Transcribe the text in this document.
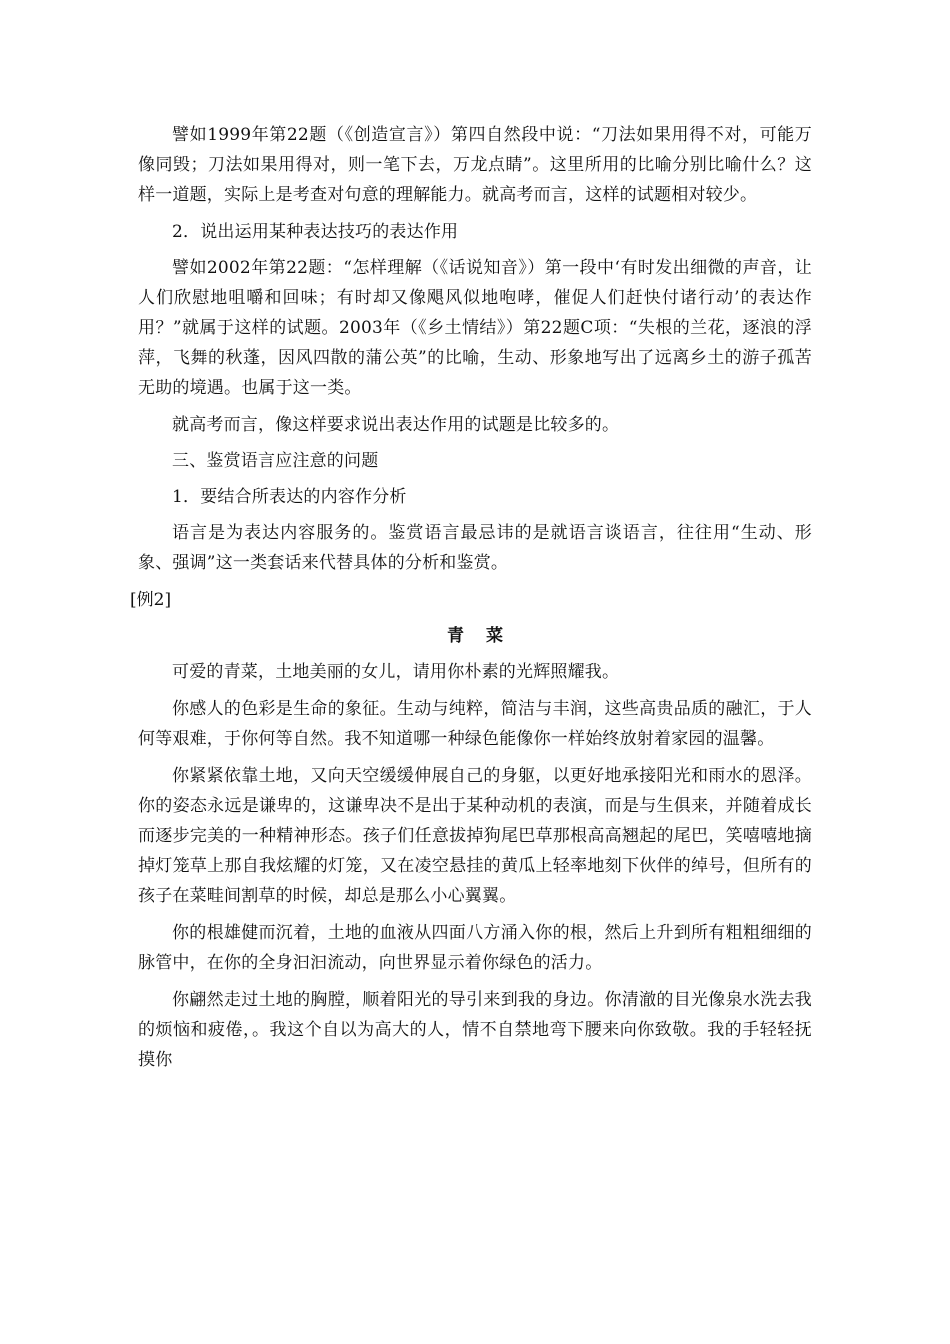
譬如1999年第22题（《创造宣言》）第四自然段中说：“刀法如果用得不对，可能万像同毁；刀法如果用得对，则一笔下去，万龙点睛”。这里所用的比喻分别比喻什么？这样一道题，实际上是考查对句意的理解能力。就高考而言，这样的试题相对较少。

2．说出运用某种表达技巧的表达作用

譬如2002年第22题：“怎样理解（《话说知音》）第一段中‘有时发出细微的声音，让人们欣慰地咀嚼和回味；有时却又像飓风似地咆哮，催促人们赶快付诸行动’的表达作用？”就属于这样的试题。2003年（《乡土情结》）第22题C项：“失根的兰花，逐浪的浮萍，飞舞的秋蓬，因风四散的蒲公英”的比喻，生动、形象地写出了远离乡土的游子孤苦无助的境遇。也属于这一类。

就高考而言，像这样要求说出表达作用的试题是比较多的。

三、鉴赏语言应注意的问题

1．要结合所表达的内容作分析

语言是为表达内容服务的。鉴赏语言最忌讳的是就语言谈语言，往往用“生动、形象、强调”这一类套话来代替具体的分析和鉴赏。

[例2]

青菜

可爱的青菜，土地美丽的女儿，请用你朴素的光辉照耀我。

你感人的色彩是生命的象征。生动与纯粹，简洁与丰润，这些高贵品质的融汇，于人何等艰难，于你何等自然。我不知道哪一种绿色能像你一样始终放射着家园的温馨。

你紧紧依靠土地，又向天空缓缓伸展自己的身躯，以更好地承接阳光和雨水的恩泽。你的姿态永远是谦卑的，这谦卑决不是出于某种动机的表演，而是与生俱来，并随着成长而逐步完美的一种精神形态。孩子们任意拔掉狗尾巴草那根高高翘起的尾巴，笑嘻嘻地摘掉灯笼草上那自我炫耀的灯笼，又在凌空悬挂的黄瓜上轻率地刻下伙伴的绰号，但所有的孩子在菜畦间割草的时候，却总是那么小心翼翼。

你的根雄健而沉着，土地的血液从四面八方涌入你的根，然后上升到所有粗粗细细的脉管中，在你的全身汩汩流动，向世界显示着你绿色的活力。

你翩然走过土地的胸膛，顺着阳光的导引来到我的身边。你清澈的目光像泉水洗去我的烦恼和疲倦，。我这个自以为高大的人，情不自禁地弯下腰来向你致敬。我的手轻轻抚摸你
